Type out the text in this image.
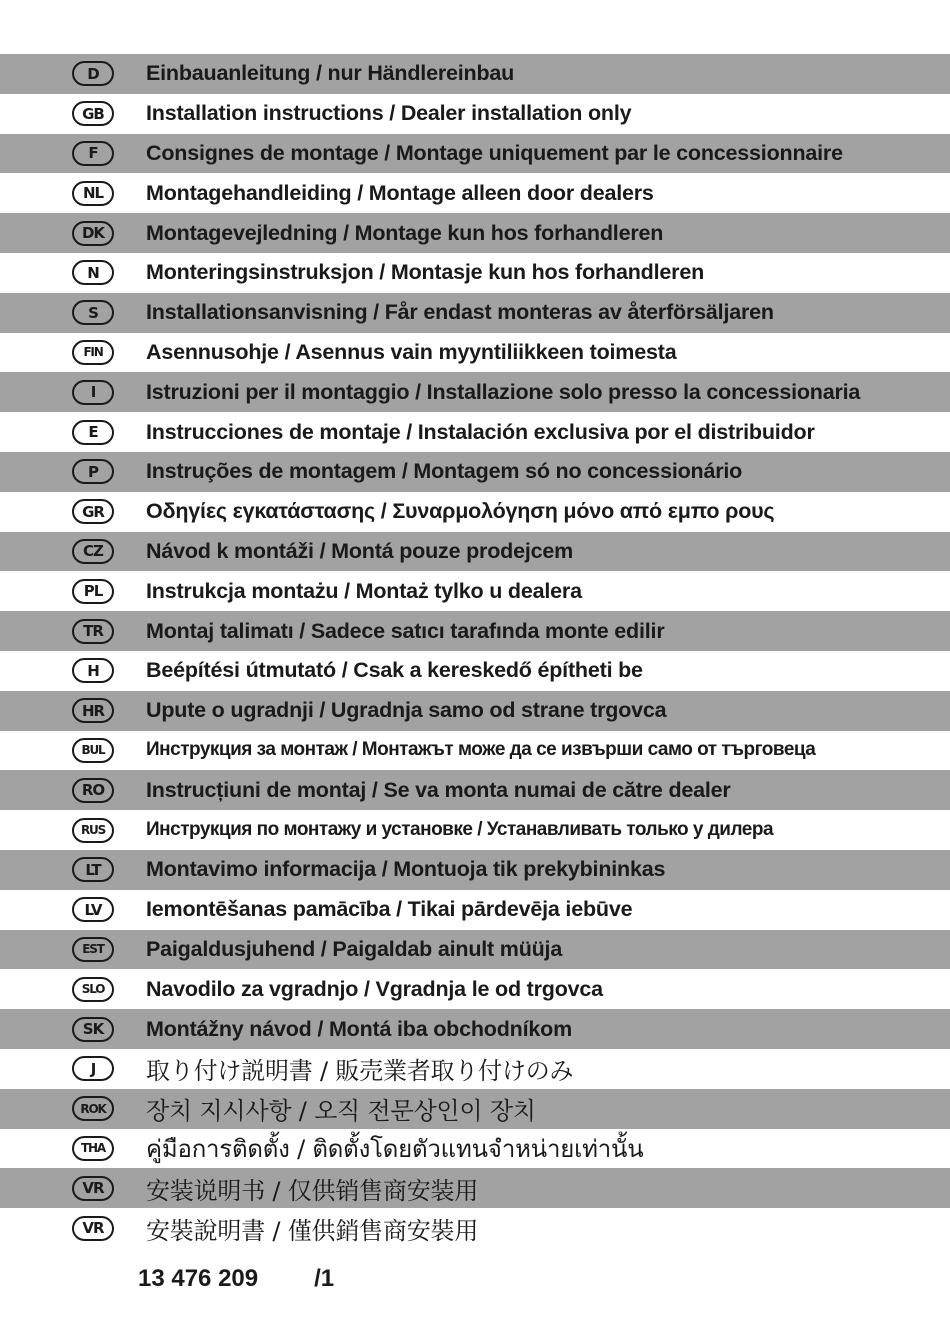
D	Einbauanleitung / nur Händlereinbau
GB	Installation instructions / Dealer installation only
F	Consignes de montage / Montage uniquement par le concessionnaire
NL	Montagehandleiding / Montage alleen door dealers
DK	Montagevejledning / Montage kun hos forhandleren
N	Monteringsinstruksjon / Montasje kun hos forhandleren
S	Installationsanvisning / Får endast monteras av återförsäljaren
FIN	Asennusohje / Asennus vain myyntiliikkeen toimesta
I	Istruzioni per il montaggio / Installazione solo presso la concessionaria
E	Instrucciones de montaje / Instalación exclusiva por el distribuidor
P	Instruções de montagem / Montagem só no concessionário
GR	Οδηγίες εγκατάστασης / Συναρμολόγηση μόνο από εμπο ρους
CZ	Návod k montáži / Montá pouze prodejcem
PL	Instrukcja montażu / Montaż tylko u dealera
TR	Montaj talimatı / Sadece satıcı tarafında monte edilir
H	Beépítési útmutató / Csak a kereskedő építheti be
HR	Upute o ugradnji / Ugradnja samo od strane trgovca
BUL	Инструкция за монтаж / Монтажът може да се извърши само от търговеца
RO	Instrucțiuni de montaj / Se va monta numai de către dealer
RUS	Инструкция по монтажу и установке / Устанавливать только у дилера
LT	Montavimo informacija / Montuoja tik prekybininkas
LV	Iemontēšanas pamācība / Tikai pārdevēja iebūve
EST	Paigaldusjuhend / Paigaldab ainult müüja
SLO	Navodilo za vgradnjo / Vgradnja le od trgovca
SK	Montážny návod / Montá iba obchodníkom
J	取り付け説明書 / 販売業者取り付けのみ
ROK	장치 지시사항 / 오직 전문상인이 장치
THA	คู่มือการติดตั้ง / ติดตั้งโดยตัวแทนจำหน่ายเท่านั้น
VR	安装说明书 / 仅供销售商安装用
VR	安裝說明書 / 僅供銷售商安裝用
13 476 209 /1
